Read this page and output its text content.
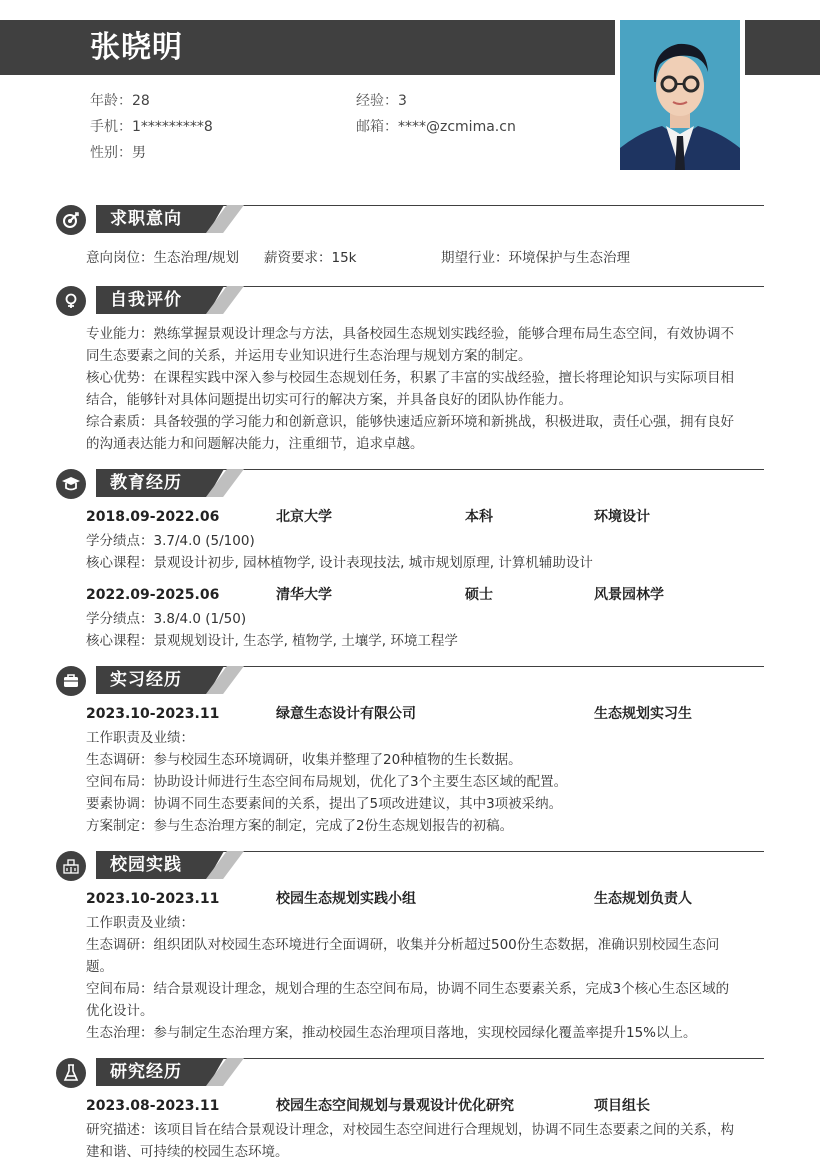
张晓明
年龄：28	经验：3
手机：1*********8	邮箱：****@zcmima.cn
性别：男
求职意向
意向岗位：生态治理/规划 薪资要求：15k	期望行业：环境保护与生态治理
自我评价
专业能力：熟练掌握景观设计理念与方法，具备校园生态规划实践经验，能够合理布局生态空间，有效协调不
同生态要素之间的关系，并运用专业知识进行生态治理与规划方案的制定。
核心优势：在课程实践中深入参与校园生态规划任务，积累了丰富的实战经验，擅长将理论知识与实际项目相
结合，能够针对具体问题提出切实可行的解决方案，并具备良好的团队协作能力。
综合素质：具备较强的学习能力和创新意识，能够快速适应新环境和新挑战，积极进取，责任心强，拥有良好
的沟通表达能力和问题解决能力，注重细节，追求卓越。
教育经历
2018.09-2022.06	北京大学	本科	环境设计
学分绩点：3.7/4.0 (5/100)
核心课程：景观设计初步, 园林植物学, 设计表现技法, 城市规划原理, 计算机辅助设计
2022.09-2025.06	清华大学	硕士	风景园林学
学分绩点：3.8/4.0 (1/50)
核心课程：景观规划设计, 生态学, 植物学, 土壤学, 环境工程学
实习经历
2023.10-2023.11	绿意生态设计有限公司	生态规划实习生
工作职责及业绩：
生态调研：参与校园生态环境调研，收集并整理了20种植物的生长数据。
空间布局：协助设计师进行生态空间布局规划，优化了3个主要生态区域的配置。
要素协调：协调不同生态要素间的关系，提出了5项改进建议，其中3项被采纳。
方案制定：参与生态治理方案的制定，完成了2份生态规划报告的初稿。
校园实践
2023.10-2023.11	校园生态规划实践小组	生态规划负责人
工作职责及业绩：
生态调研：组织团队对校园生态环境进行全面调研，收集并分析超过500份生态数据，准确识别校园生态问
题。
空间布局：结合景观设计理念，规划合理的生态空间布局，协调不同生态要素关系，完成3个核心生态区域的
优化设计。
生态治理：参与制定生态治理方案，推动校园生态治理项目落地，实现校园绿化覆盖率提升15%以上。
研究经历
2023.08-2023.11	校园生态空间规划与景观设计优化研究	项目组长
研究描述：该项目旨在结合景观设计理念，对校园生态空间进行合理规划，协调不同生态要素之间的关系，构
建和谐、可持续的校园生态环境。
